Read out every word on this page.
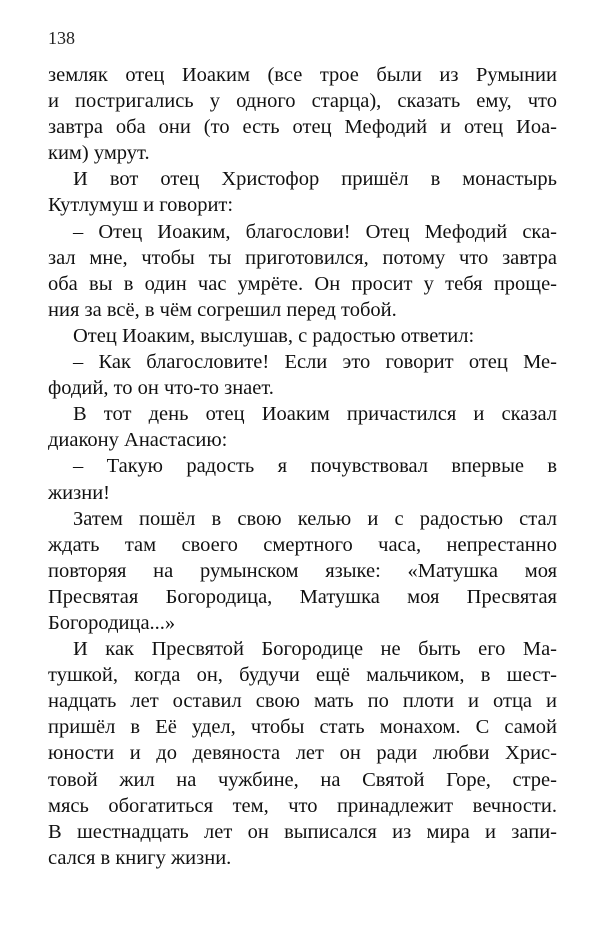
138
земляк отец Иоаким (все трое были из Румынии
и постригались у одного старца), сказать ему, что
завтра оба они (то есть отец Мефодий и отец Иоа-
ким) умрут.
И вот отец Христофор пришёл в монастырь
Кутлумуш и говорит:
– Отец Иоаким, благослови! Отец Мефодий ска-
зал мне, чтобы ты приготовился, потому что завтра
оба вы в один час умрёте. Он просит у тебя проще-
ния за всё, в чём согрешил перед тобой.
Отец Иоаким, выслушав, с радостью ответил:
– Как благословите! Если это говорит отец Ме-
фодий, то он что-то знает.
В тот день отец Иоаким причастился и сказал
диакону Анастасию:
– Такую радость я почувствовал впервые в
жизни!
Затем пошёл в свою келью и с радостью стал
ждать там своего смертного часа, непрестанно
повторяя на румынском языке: «Матушка моя
Пресвятая Богородица, Матушка моя Пресвятая
Богородица...»
И как Пресвятой Богородице не быть его Ма-
тушкой, когда он, будучи ещё мальчиком, в шест-
надцать лет оставил свою мать по плоти и отца и
пришёл в Её удел, чтобы стать монахом. С самой
юности и до девяноста лет он ради любви Хрис-
товой жил на чужбине, на Святой Горе, стре-
мясь обогатиться тем, что принадлежит вечности.
В шестнадцать лет он выписался из мира и запи-
сался в книгу жизни.
